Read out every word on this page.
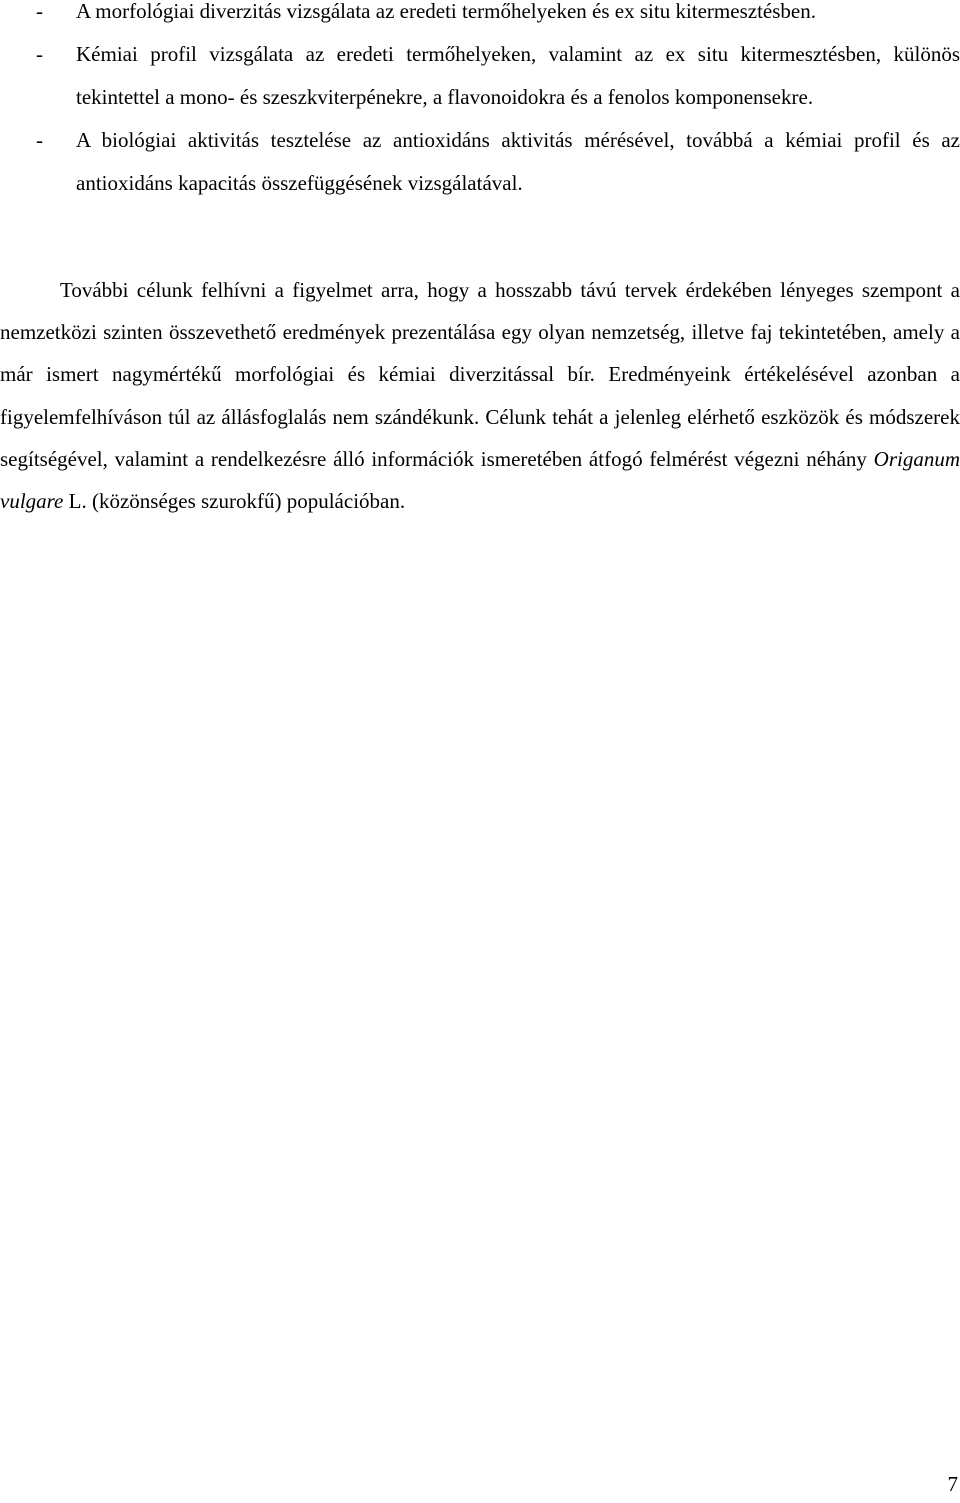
- A morfológiai diverzitás vizsgálata az eredeti termőhelyeken és ex situ kitermesztésben.
- Kémiai profil vizsgálata az eredeti termőhelyeken, valamint az ex situ kitermesztésben, különös tekintettel a mono- és szeszkviterpénekre, a flavonoidokra és a fenolos komponensekre.
- A biológiai aktivitás tesztelése az antioxidáns aktivitás mérésével, továbbá a kémiai profil és az antioxidáns kapacitás összefüggésének vizsgálatával.

További célunk felhívni a figyelmet arra, hogy a hosszabb távú tervek érdekében lényeges szempont a nemzetközi szinten összevethető eredmények prezentálása egy olyan nemzetség, illetve faj tekintetében, amely a már ismert nagymértékű morfológiai és kémiai diverzitással bír. Eredményeink értékelésével azonban a figyelemfelhíváson túl az állásfoglalás nem szándékunk. Célunk tehát a jelenleg elérhető eszközök és módszerek segítségével, valamint a rendelkezésre álló információk ismeretében átfogó felmérést végezni néhány Origanum vulgare L. (közönséges szurokfű) populációban.

7
